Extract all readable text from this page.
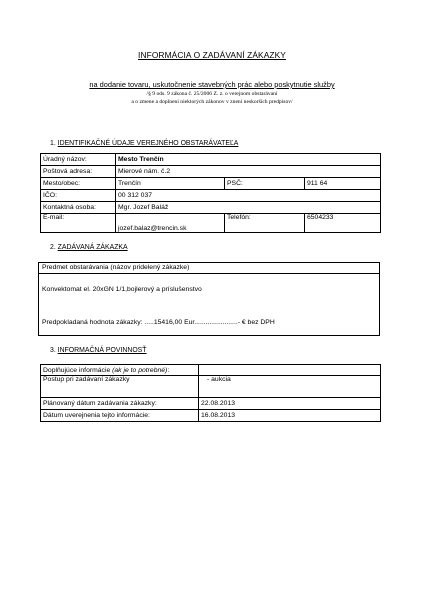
INFORMÁCIA O ZADÁVANÍ ZÁKAZKY
na dodanie tovaru, uskutočnenie stavebných prác alebo poskytnutie služby
/§ 9 ods. 9 zákona č. 25/2006 Z. z. o verejnom obstarávaní
a o zmene a doplnení niektorých zákonov v znení neskorších predpisov/
1. IDENTIFIKAČNÉ ÚDAJE VEREJNÉHO OBSTARÁVATEĽA
Úradný názov:	Mesto Trenčín		
Poštová adresa:	Mierové nám. č.2		
Mesto/obec:	Trenčín	PSČ:	911 64
IČO:	00 312 037		
Kontaktná osoba:	Mgr. Jozef Baláž		
E-mail:	jozef.balaz@trencin.sk	Telefón:	6504233
2. ZADÁVANÁ ZÁKAZKA
Predmet obstarávania (názov pridelený zákazke)
Konvektomat el. 20xGN 1/1,bojlerový a príslušenstvo
Predpokladaná hodnota zákazky: .....15416,00 Eur.......................- € bez DPH
3. INFORMAČNÁ POVINNOSŤ
Doplňujúce informácie (ak je to potrebné):	
Postup pri zadávaní zákazky	- aukcia
Plánovaný dátum zadávania zákazky:	22.08.2013
Dátum uverejnenia tejto informácie:	16.08.2013
